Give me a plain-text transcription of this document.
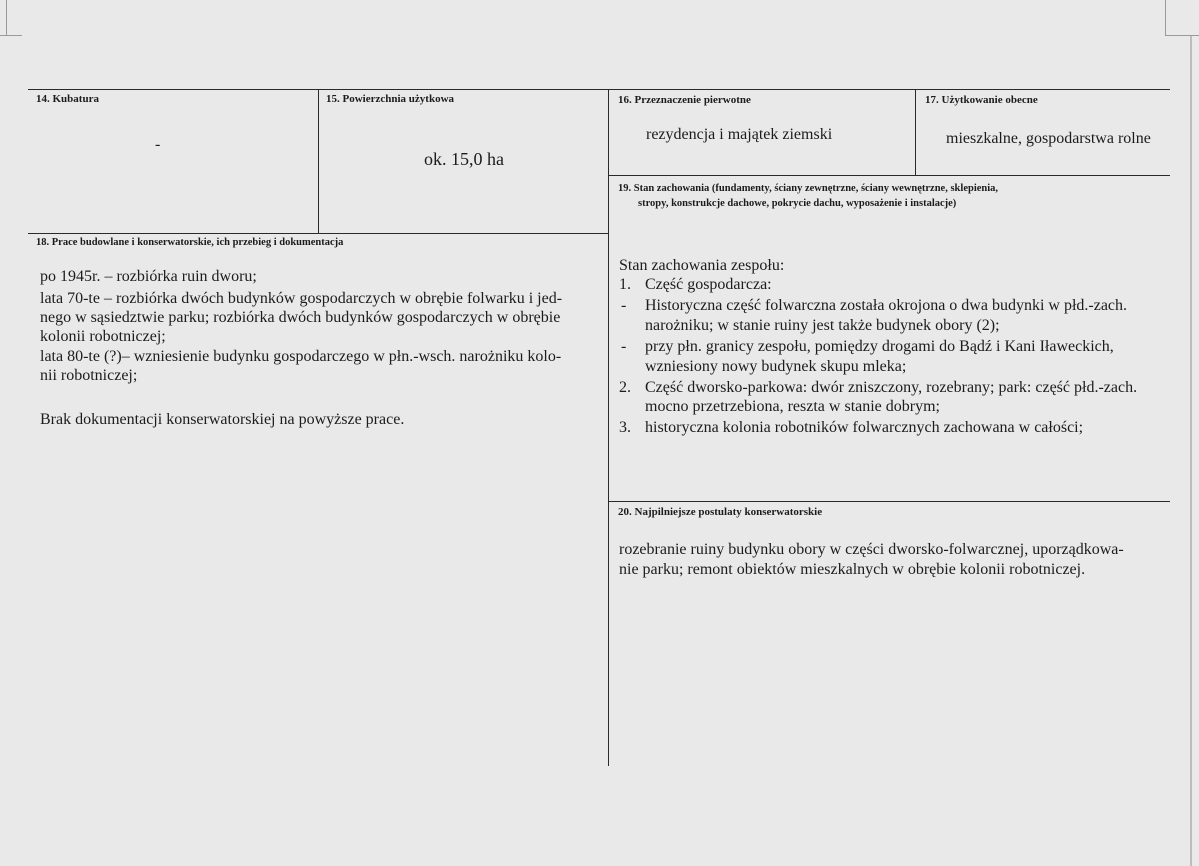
14. Kubatura
-
15. Powierzchnia użytkowa
ok. 15,0 ha
16. Przeznaczenie pierwotne
rezydencja i majątek ziemski
17. Użytkowanie obecne
mieszkalne, gospodarstwa rolne
19. Stan zachowania (fundamenty, ściany zewnętrzne, ściany wewnętrzne, sklepienia,
stropy, konstrukcje dachowe, pokrycie dachu, wyposażenie i instalacje)
18. Prace budowlane i konserwatorskie, ich przebieg i dokumentacja
po 1945r. – rozbiórka ruin dworu;
lata 70-te – rozbiórka dwóch budynków gospodarczych w obrębie folwarku i jed-
nego w sąsiedztwie parku; rozbiórka dwóch budynków gospodarczych w obrębie
kolonii robotniczej;
lata 80-te (?)– wzniesienie budynku gospodarczego w płn.-wsch. narożniku kolo-
nii robotniczej;
Brak dokumentacji konserwatorskiej na powyższe prace.
Stan zachowania zespołu:
1. Część gospodarcza:
- Historyczna część folwarczna została okrojona o dwa budynki w płd.-zach.
narożniku; w stanie ruiny jest także budynek obory (2);
- przy płn. granicy zespołu, pomiędzy drogami do Bądź i Kani Iławeckich,
wzniesiony nowy budynek skupu mleka;
2. Część dworsko-parkowa: dwór zniszczony, rozebrany; park: część płd.-zach.
mocno przetrzebiona, reszta w stanie dobrym;
3. historyczna kolonia robotników folwarcznych zachowana w całości;
20. Najpilniejsze postulaty konserwatorskie
rozebranie ruiny budynku obory w części dworsko-folwarcznej, uporządkowa-
nie parku; remont obiektów mieszkalnych w obrębie kolonii robotniczej.
